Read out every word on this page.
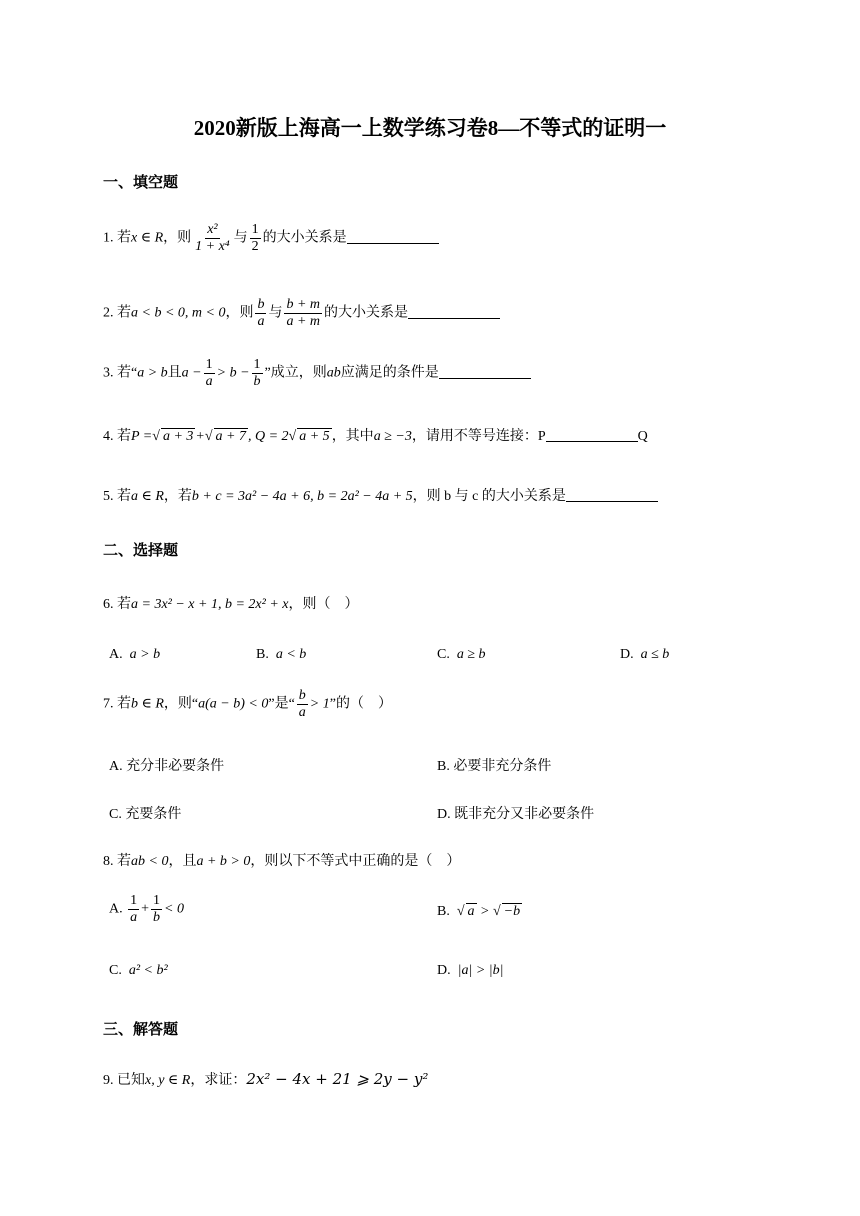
2020新版上海高一上数学练习卷8—不等式的证明一
一、填空题
1. 若x ∈ R，则 $\frac{\text{x²}}{\text{1 + x⁴}}$ 与 $\frac{1}{2}$ 的大小关系是
2. 若a < b < 0, m < 0，则 $\frac{b}{a}$ 与 $\frac{b + m}{a + m}$ 的大小关系是
3. 若“a > b且$a - \frac{1}{a} > b - \frac{1}{b}$ ”成立，则ab应满足的条件是
4. 若P =√ a + 3 +√ a + 7 , Q = 2√ a + 5 ，其中a ≥ −3，请用不等号连接：P	Q
5. 若a ∈ R，若b + c = 3a² − 4a + 6, b = 2a² − 4a + 5，则 b 与 c 的大小关系是
二、选择题
6. 若a = 3x² − x + 1, b = 2x² + x，则（　）
A. a > b	B. a < b	C. a ≥ b	D. a ≤ b
7. 若b ∈ R，则“a(a − b) < 0”是“ $\frac{b}{a} > 1$”的（　）
A. 充分非必要条件	B. 必要非充分条件
C. 充要条件	D. 既非充分又非必要条件
8. 若ab < 0，且a + b > 0，则以下不等式中正确的是（　）
A. $\frac{1}{a} + \frac{1}{b} < 0$	B. √ a > √ −b
C. a² < b²	D. |a| > |b|
三、解答题
9. 已知x, y ∈ R，求证：2x² − 4x + 21 ⩾ 2y − y²
